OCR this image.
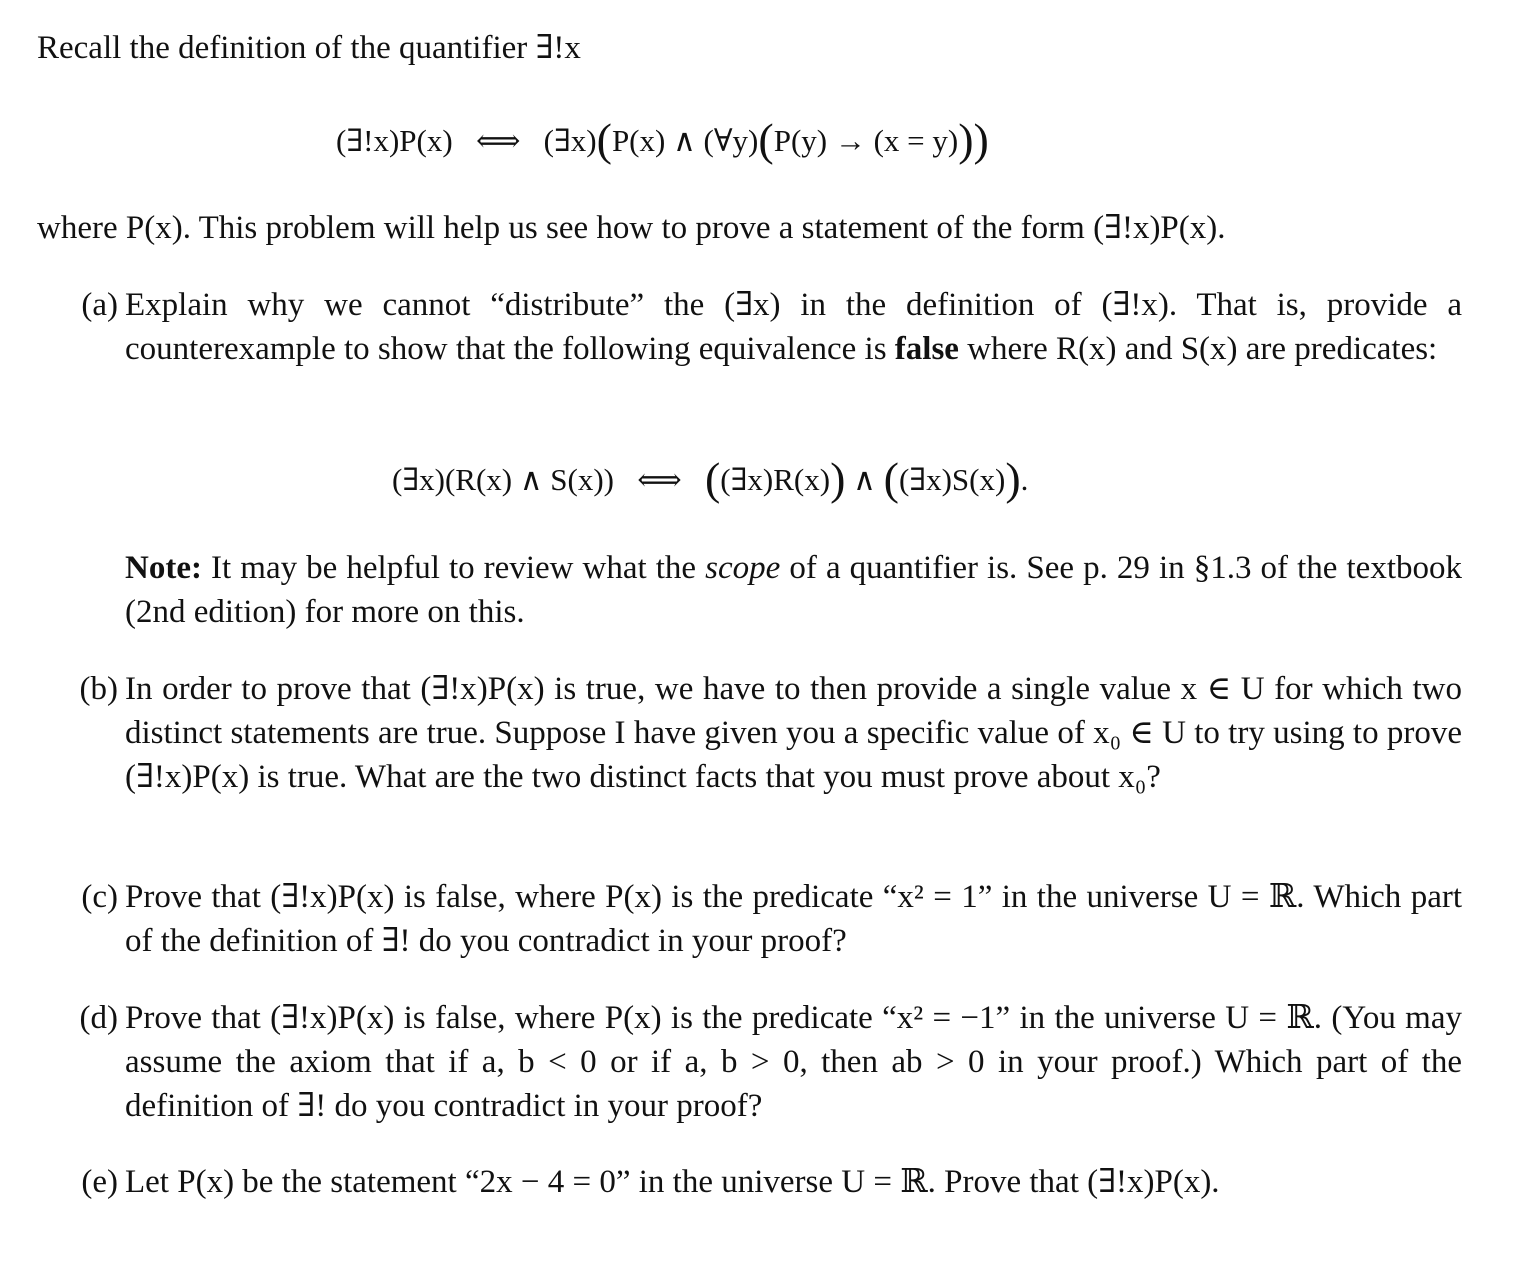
Recall the definition of the quantifier ∃!x
(∃!x)P(x) ⟺ (∃x)(P(x) ∧ (∀y)(P(y) → (x = y)))
where P(x). This problem will help us see how to prove a statement of the form (∃!x)P(x).
(a) Explain why we cannot “distribute” the (∃x) in the definition of (∃!x). That is, provide a counterexample to show that the following equivalence is false where R(x) and S(x) are predicates:
(∃x)(R(x) ∧ S(x)) ⟺ ((∃x)R(x)) ∧ ((∃x)S(x)).
Note: It may be helpful to review what the scope of a quantifier is. See p. 29 in §1.3 of the textbook (2nd edition) for more on this.
(b) In order to prove that (∃!x)P(x) is true, we have to then provide a single value x ∈ U for which two distinct statements are true. Suppose I have given you a specific value of x₀ ∈ U to try using to prove (∃!x)P(x) is true. What are the two distinct facts that you must prove about x₀?
(c) Prove that (∃!x)P(x) is false, where P(x) is the predicate “x² = 1” in the universe U = ℝ. Which part of the definition of ∃! do you contradict in your proof?
(d) Prove that (∃!x)P(x) is false, where P(x) is the predicate “x² = −1” in the universe U = ℝ. (You may assume the axiom that if a, b < 0 or if a, b > 0, then ab > 0 in your proof.) Which part of the definition of ∃! do you contradict in your proof?
(e) Let P(x) be the statement “2x − 4 = 0” in the universe U = ℝ. Prove that (∃!x)P(x).
